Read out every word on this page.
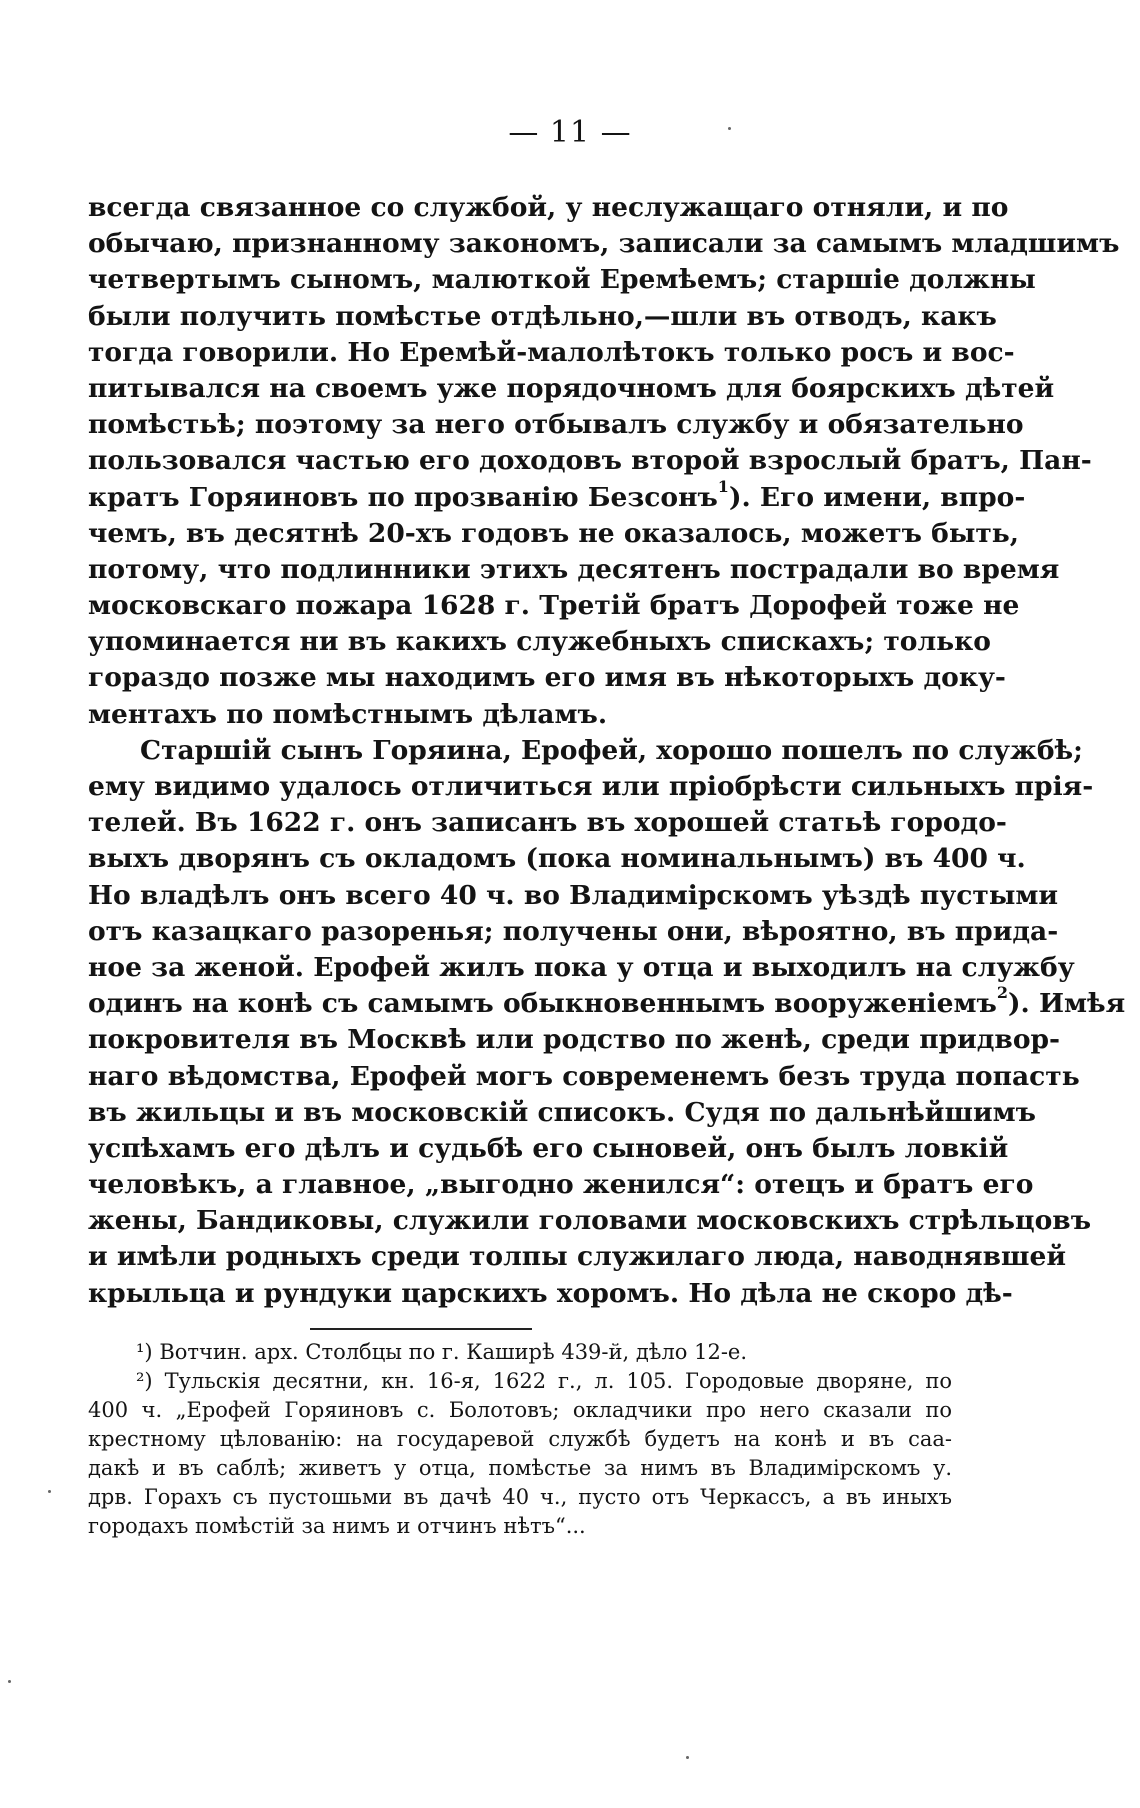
— 11 —
всегда связанное со службой, у неслужащаго отняли, и по
обычаю, признанному закономъ, записали за самымъ младшимъ
четвертымъ сыномъ, малюткой Еремѣемъ; старшіе должны
были получить помѣстье отдѣльно,—шли въ отводъ, какъ
тогда говорили. Но Еремѣй-малолѣтокъ только росъ и вос-
питывался на своемъ уже порядочномъ для боярскихъ дѣтей
помѣстьѣ; поэтому за него отбывалъ службу и обязательно
пользовался частью его доходовъ второй взрослый братъ, Пан-
кратъ Горяиновъ по прозванію Безсонъ$^1$). Его имени, впро-
чемъ, въ десятнѣ 20-хъ годовъ не оказалось, можетъ быть,
потому, что подлинники этихъ десятенъ пострадали во время
московскаго пожара 1628 г. Третій братъ Дорофей тоже не
упоминается ни въ какихъ служебныхъ спискахъ; только
гораздо позже мы находимъ его имя въ нѣкоторыхъ доку-
ментахъ по помѣстнымъ дѣламъ.
Старшій сынъ Горяина, Ерофей, хорошо пошелъ по службѣ;
ему видимо удалось отличиться или пріобрѣсти сильныхъ прія-
телей. Въ 1622 г. онъ записанъ въ хорошей статьѣ городо-
выхъ дворянъ съ окладомъ (пока номинальнымъ) въ 400 ч.
Но владѣлъ онъ всего 40 ч. во Владимірскомъ уѣздѣ пустыми
отъ казацкаго разоренья; получены они, вѣроятно, въ прида-
ное за женой. Ерофей жилъ пока у отца и выходилъ на службу
одинъ на конѣ съ самымъ обыкновеннымъ вооруженіемъ$^2$). Имѣя
покровителя въ Москвѣ или родство по женѣ, среди придвор-
наго вѣдомства, Ерофей могъ современемъ безъ труда попасть
въ жильцы и въ московскій списокъ. Судя по дальнѣйшимъ
успѣхамъ его дѣлъ и судьбѣ его сыновей, онъ былъ ловкій
человѣкъ, а главное, „выгодно женился“: отецъ и братъ его
жены, Бандиковы, служили головами московскихъ стрѣльцовъ
и имѣли родныхъ среди толпы служилаго люда, наводнявшей
крыльца и рундуки царскихъ хоромъ. Но дѣла не скоро дѣ-
¹) Вотчин. арх. Столбцы по г. Каширѣ 439-й, дѣло 12-е.
²) Тульскія десятни, кн. 16-я, 1622 г., л. 105. Городовые дворяне, по
400 ч. „Ерофей Горяиновъ с. Болотовъ; окладчики про него сказали по
крестному цѣлованію: на государевой службѣ будетъ на конѣ и въ саа-
дакѣ и въ саблѣ; живетъ у отца, помѣстье за нимъ въ Владимірскомъ у.
дрв. Горахъ съ пустошьми въ дачѣ 40 ч., пусто отъ Черкассъ, а въ иныхъ
городахъ помѣстій за нимъ и отчинъ нѣтъ“...
